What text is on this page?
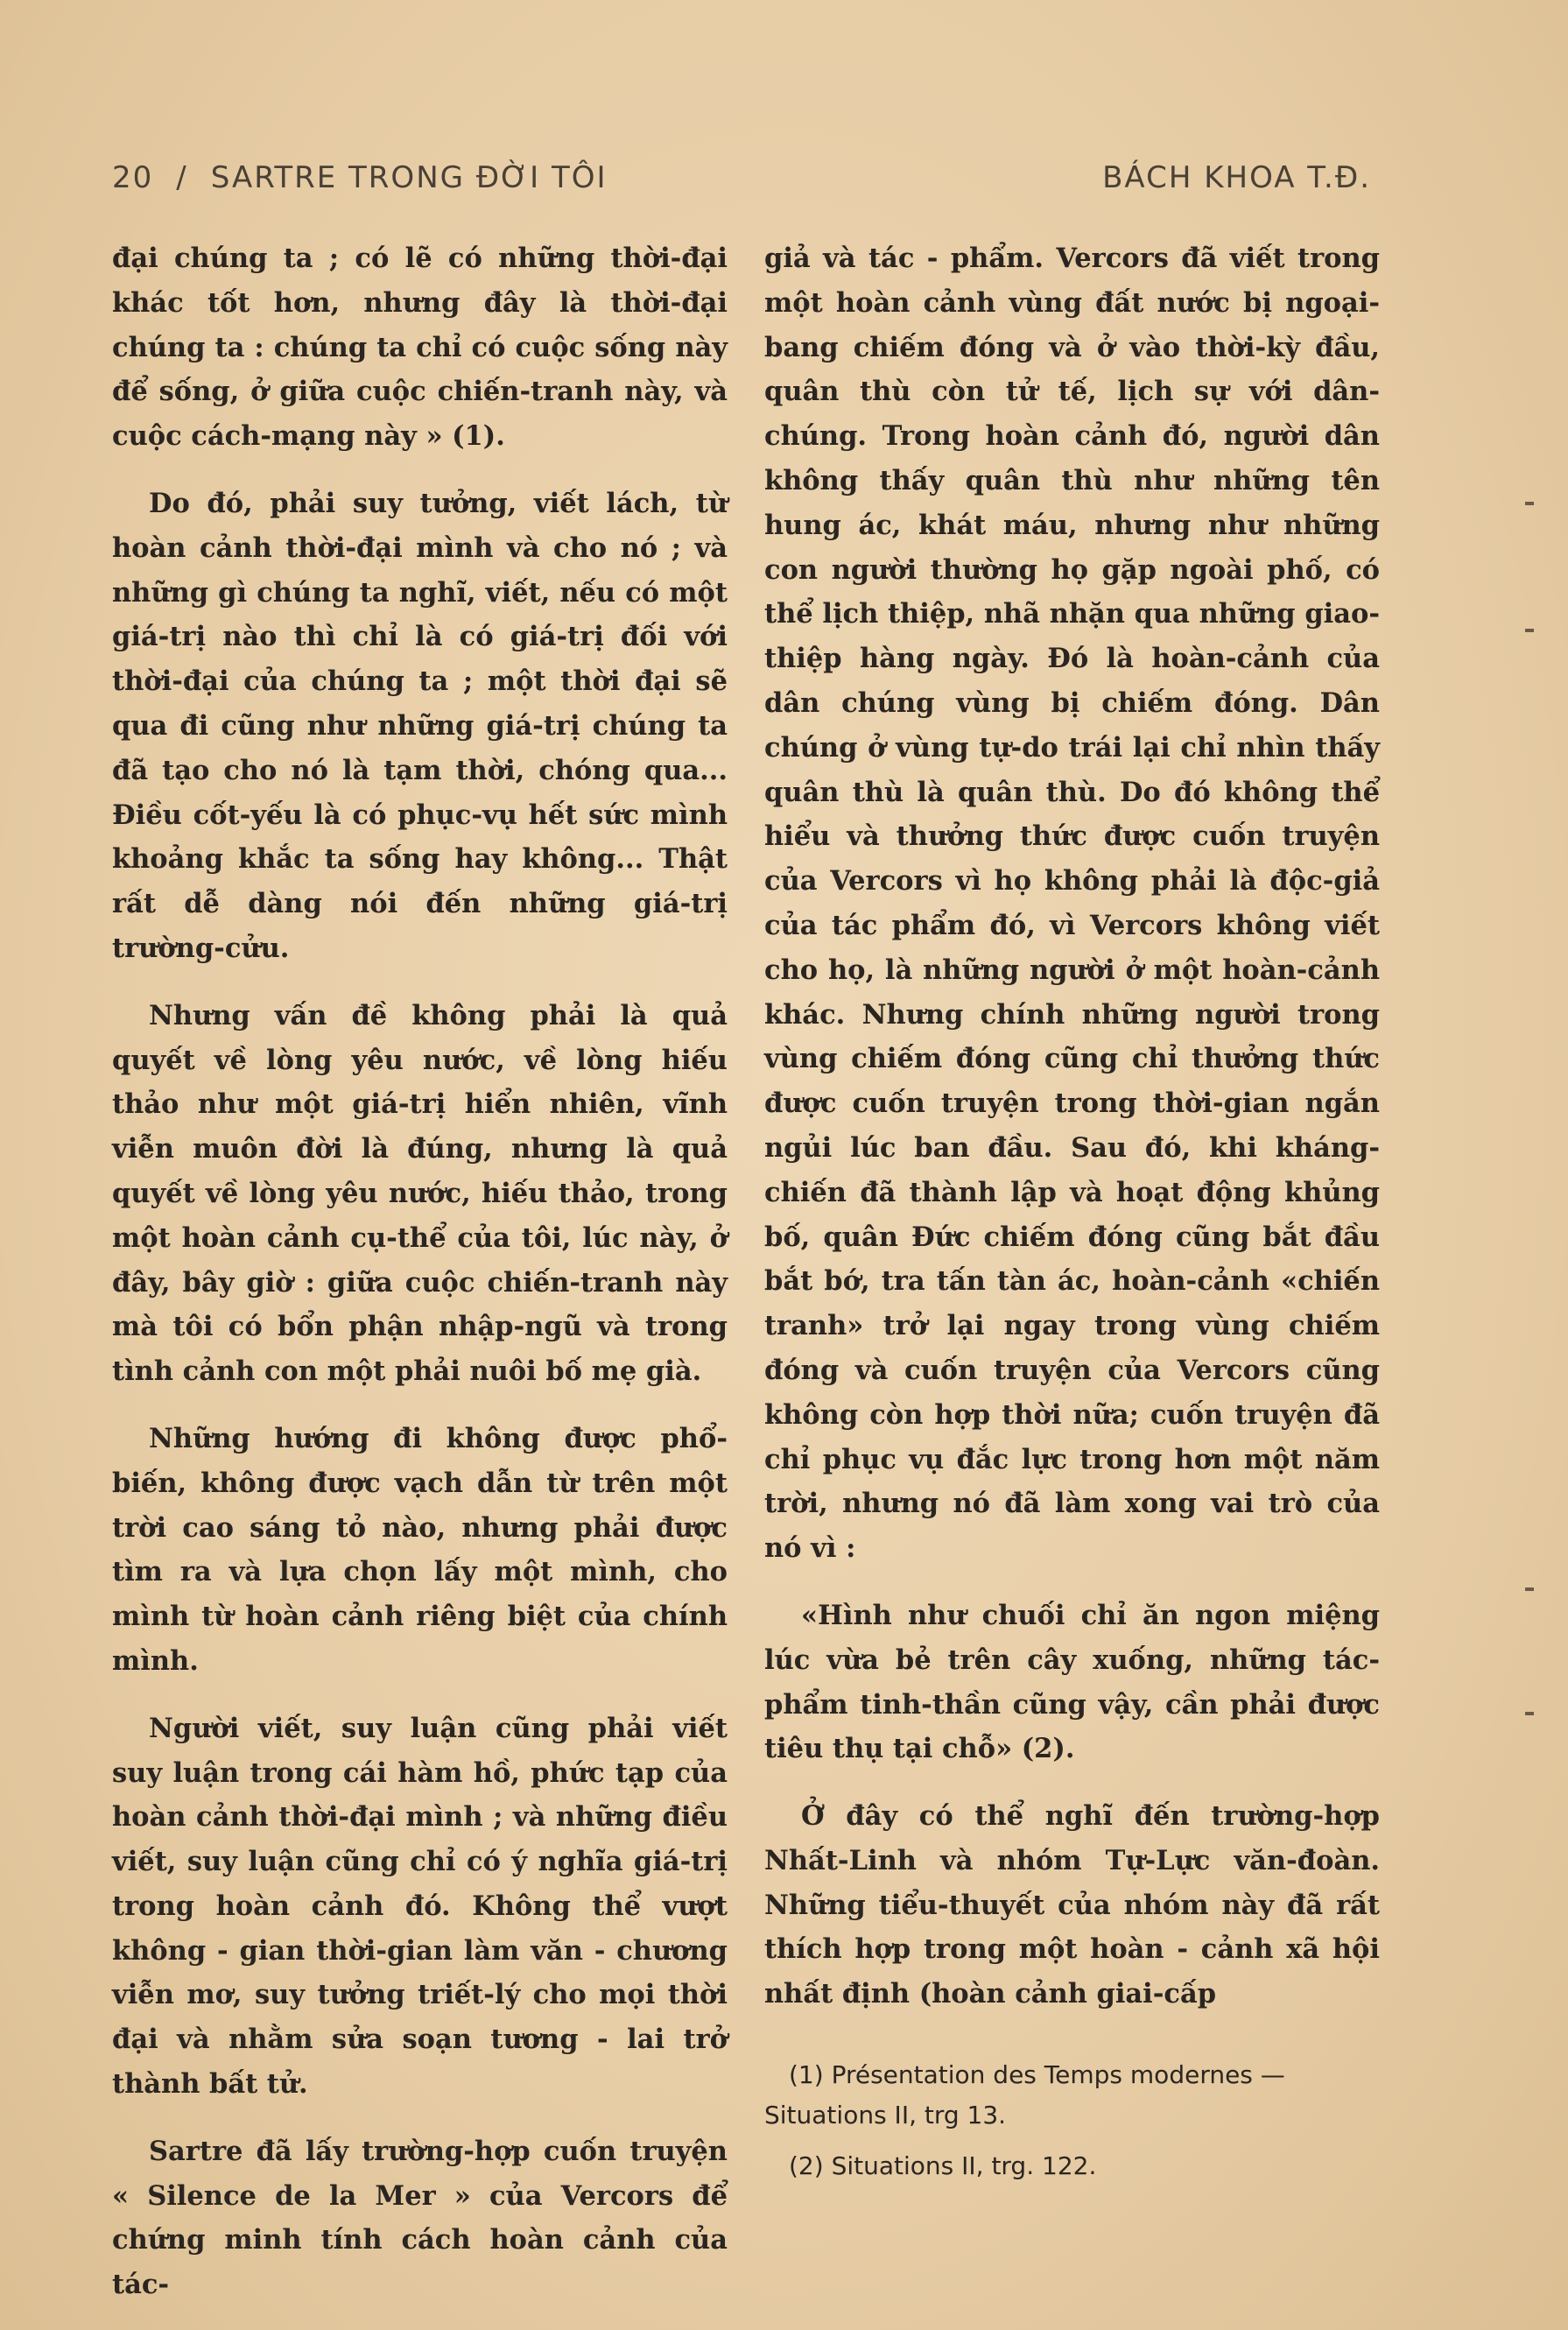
20 / SARTRE TRONG ĐỜI TÔI	BÁCH KHOA T.Đ.

đại chúng ta ; có lẽ có những thời-đại khác tốt hơn, nhưng đây là thời-đại chúng ta : chúng ta chỉ có cuộc sống này để sống, ở giữa cuộc chiến-tranh này, và cuộc cách-mạng này » (1).

Do đó, phải suy tưởng, viết lách, từ hoàn cảnh thời-đại mình và cho nó ; và những gì chúng ta nghĩ, viết, nếu có một giá-trị nào thì chỉ là có giá-trị đối với thời-đại của chúng ta ; một thời đại sẽ qua đi cũng như những giá-trị chúng ta đã tạo cho nó là tạm thời, chóng qua... Điều cốt-yếu là có phục-vụ hết sức mình khoảng khắc ta sống hay không... Thật rất dễ dàng nói đến những giá-trị trường-cửu.

Nhưng vấn đề không phải là quả quyết về lòng yêu nước, về lòng hiếu thảo như một giá-trị hiển nhiên, vĩnh viễn muôn đời là đúng, nhưng là quả quyết về lòng yêu nước, hiếu thảo, trong một hoàn cảnh cụ-thể của tôi, lúc này, ở đây, bây giờ : giữa cuộc chiến-tranh này mà tôi có bổn phận nhập-ngũ và trong tình cảnh con một phải nuôi bố mẹ già.

Những hướng đi không được phổ-biến, không được vạch dẫn từ trên một trời cao sáng tỏ nào, nhưng phải được tìm ra và lựa chọn lấy một mình, cho mình từ hoàn cảnh riêng biệt của chính mình.

Người viết, suy luận cũng phải viết suy luận trong cái hàm hồ, phức tạp của hoàn cảnh thời-đại mình ; và những điều viết, suy luận cũng chỉ có ý nghĩa giá-trị trong hoàn cảnh đó. Không thể vượt không - gian thời-gian làm văn - chương viễn mơ, suy tưởng triết-lý cho mọi thời đại và nhằm sửa soạn tương - lai trở thành bất tử.

Sartre đã lấy trường-hợp cuốn truyện « Silence de la Mer » của Vercors để chứng minh tính cách hoàn cảnh của tác-

giả và tác - phẩm. Vercors đã viết trong một hoàn cảnh vùng đất nước bị ngoại-bang chiếm đóng và ở vào thời-kỳ đầu, quân thù còn tử tế, lịch sự với dân-chúng. Trong hoàn cảnh đó, người dân không thấy quân thù như những tên hung ác, khát máu, nhưng như những con người thường họ gặp ngoài phố, có thể lịch thiệp, nhã nhặn qua những giao-thiệp hàng ngày. Đó là hoàn-cảnh của dân chúng vùng bị chiếm đóng. Dân chúng ở vùng tự-do trái lại chỉ nhìn thấy quân thù là quân thù. Do đó không thể hiểu và thưởng thức được cuốn truyện của Vercors vì họ không phải là độc-giả của tác phẩm đó, vì Vercors không viết cho họ, là những người ở một hoàn-cảnh khác. Nhưng chính những người trong vùng chiếm đóng cũng chỉ thưởng thức được cuốn truyện trong thời-gian ngắn ngủi lúc ban đầu. Sau đó, khi kháng-chiến đã thành lập và hoạt động khủng bố, quân Đức chiếm đóng cũng bắt đầu bắt bớ, tra tấn tàn ác, hoàn-cảnh «chiến tranh» trở lại ngay trong vùng chiếm đóng và cuốn truyện của Vercors cũng không còn hợp thời nữa; cuốn truyện đã chỉ phục vụ đắc lực trong hơn một năm trời, nhưng nó đã làm xong vai trò của nó vì :

«Hình như chuối chỉ ăn ngon miệng lúc vừa bẻ trên cây xuống, những tác-phẩm tinh-thần cũng vậy, cần phải được tiêu thụ tại chỗ» (2).

Ở đây có thể nghĩ đến trường-hợp Nhất-Linh và nhóm Tự-Lực văn-đoàn. Những tiểu-thuyết của nhóm này đã rất thích hợp trong một hoàn - cảnh xã hội nhất định (hoàn cảnh giai-cấp

(1) Présentation des Temps modernes — Situations II, trg 13.

(2) Situations II, trg. 122.
